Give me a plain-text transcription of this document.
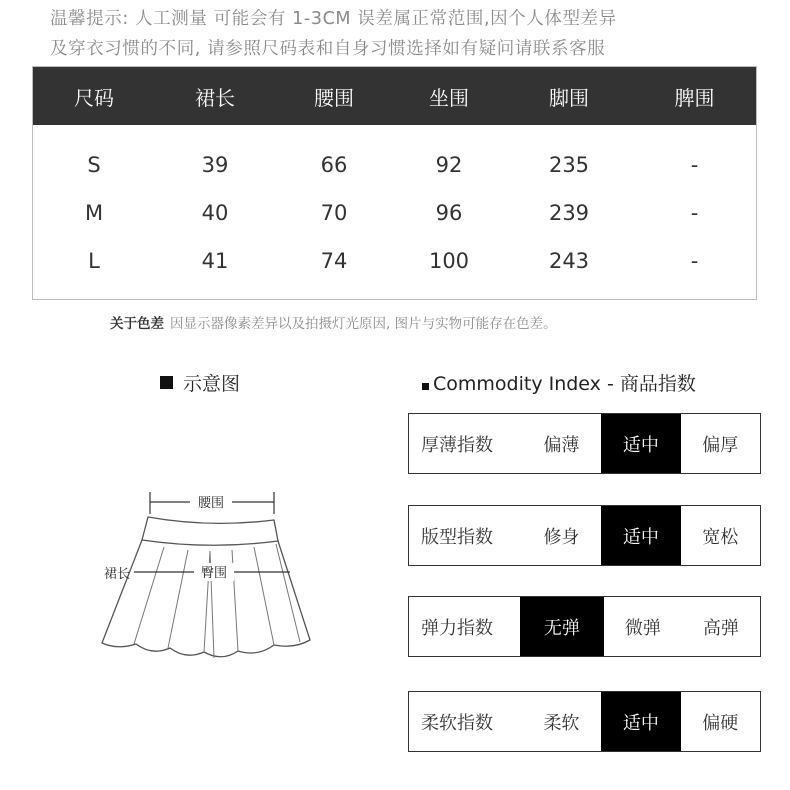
温馨提示: 人工测量 可能会有 1-3CM 误差属正常范围,因个人体型差异
及穿衣习惯的不同, 请参照尺码表和自身习惯选择如有疑问请联系客服
尺码	裙长	腰围	坐围	脚围	脾围
S	39	66	92	235	-
M	40	70	96	239	-
L	41	74	100	243	-
关于色差 因显示器像素差异以及拍摄灯光原因, 图片与实物可能存在色差。
示意图
腰围
臀围
裙长
Commodity Index - 商品指数
厚薄指数	偏薄	适中	偏厚
版型指数	修身	适中	宽松
弹力指数	无弹	微弹	高弹
柔软指数	柔软	适中	偏硬
